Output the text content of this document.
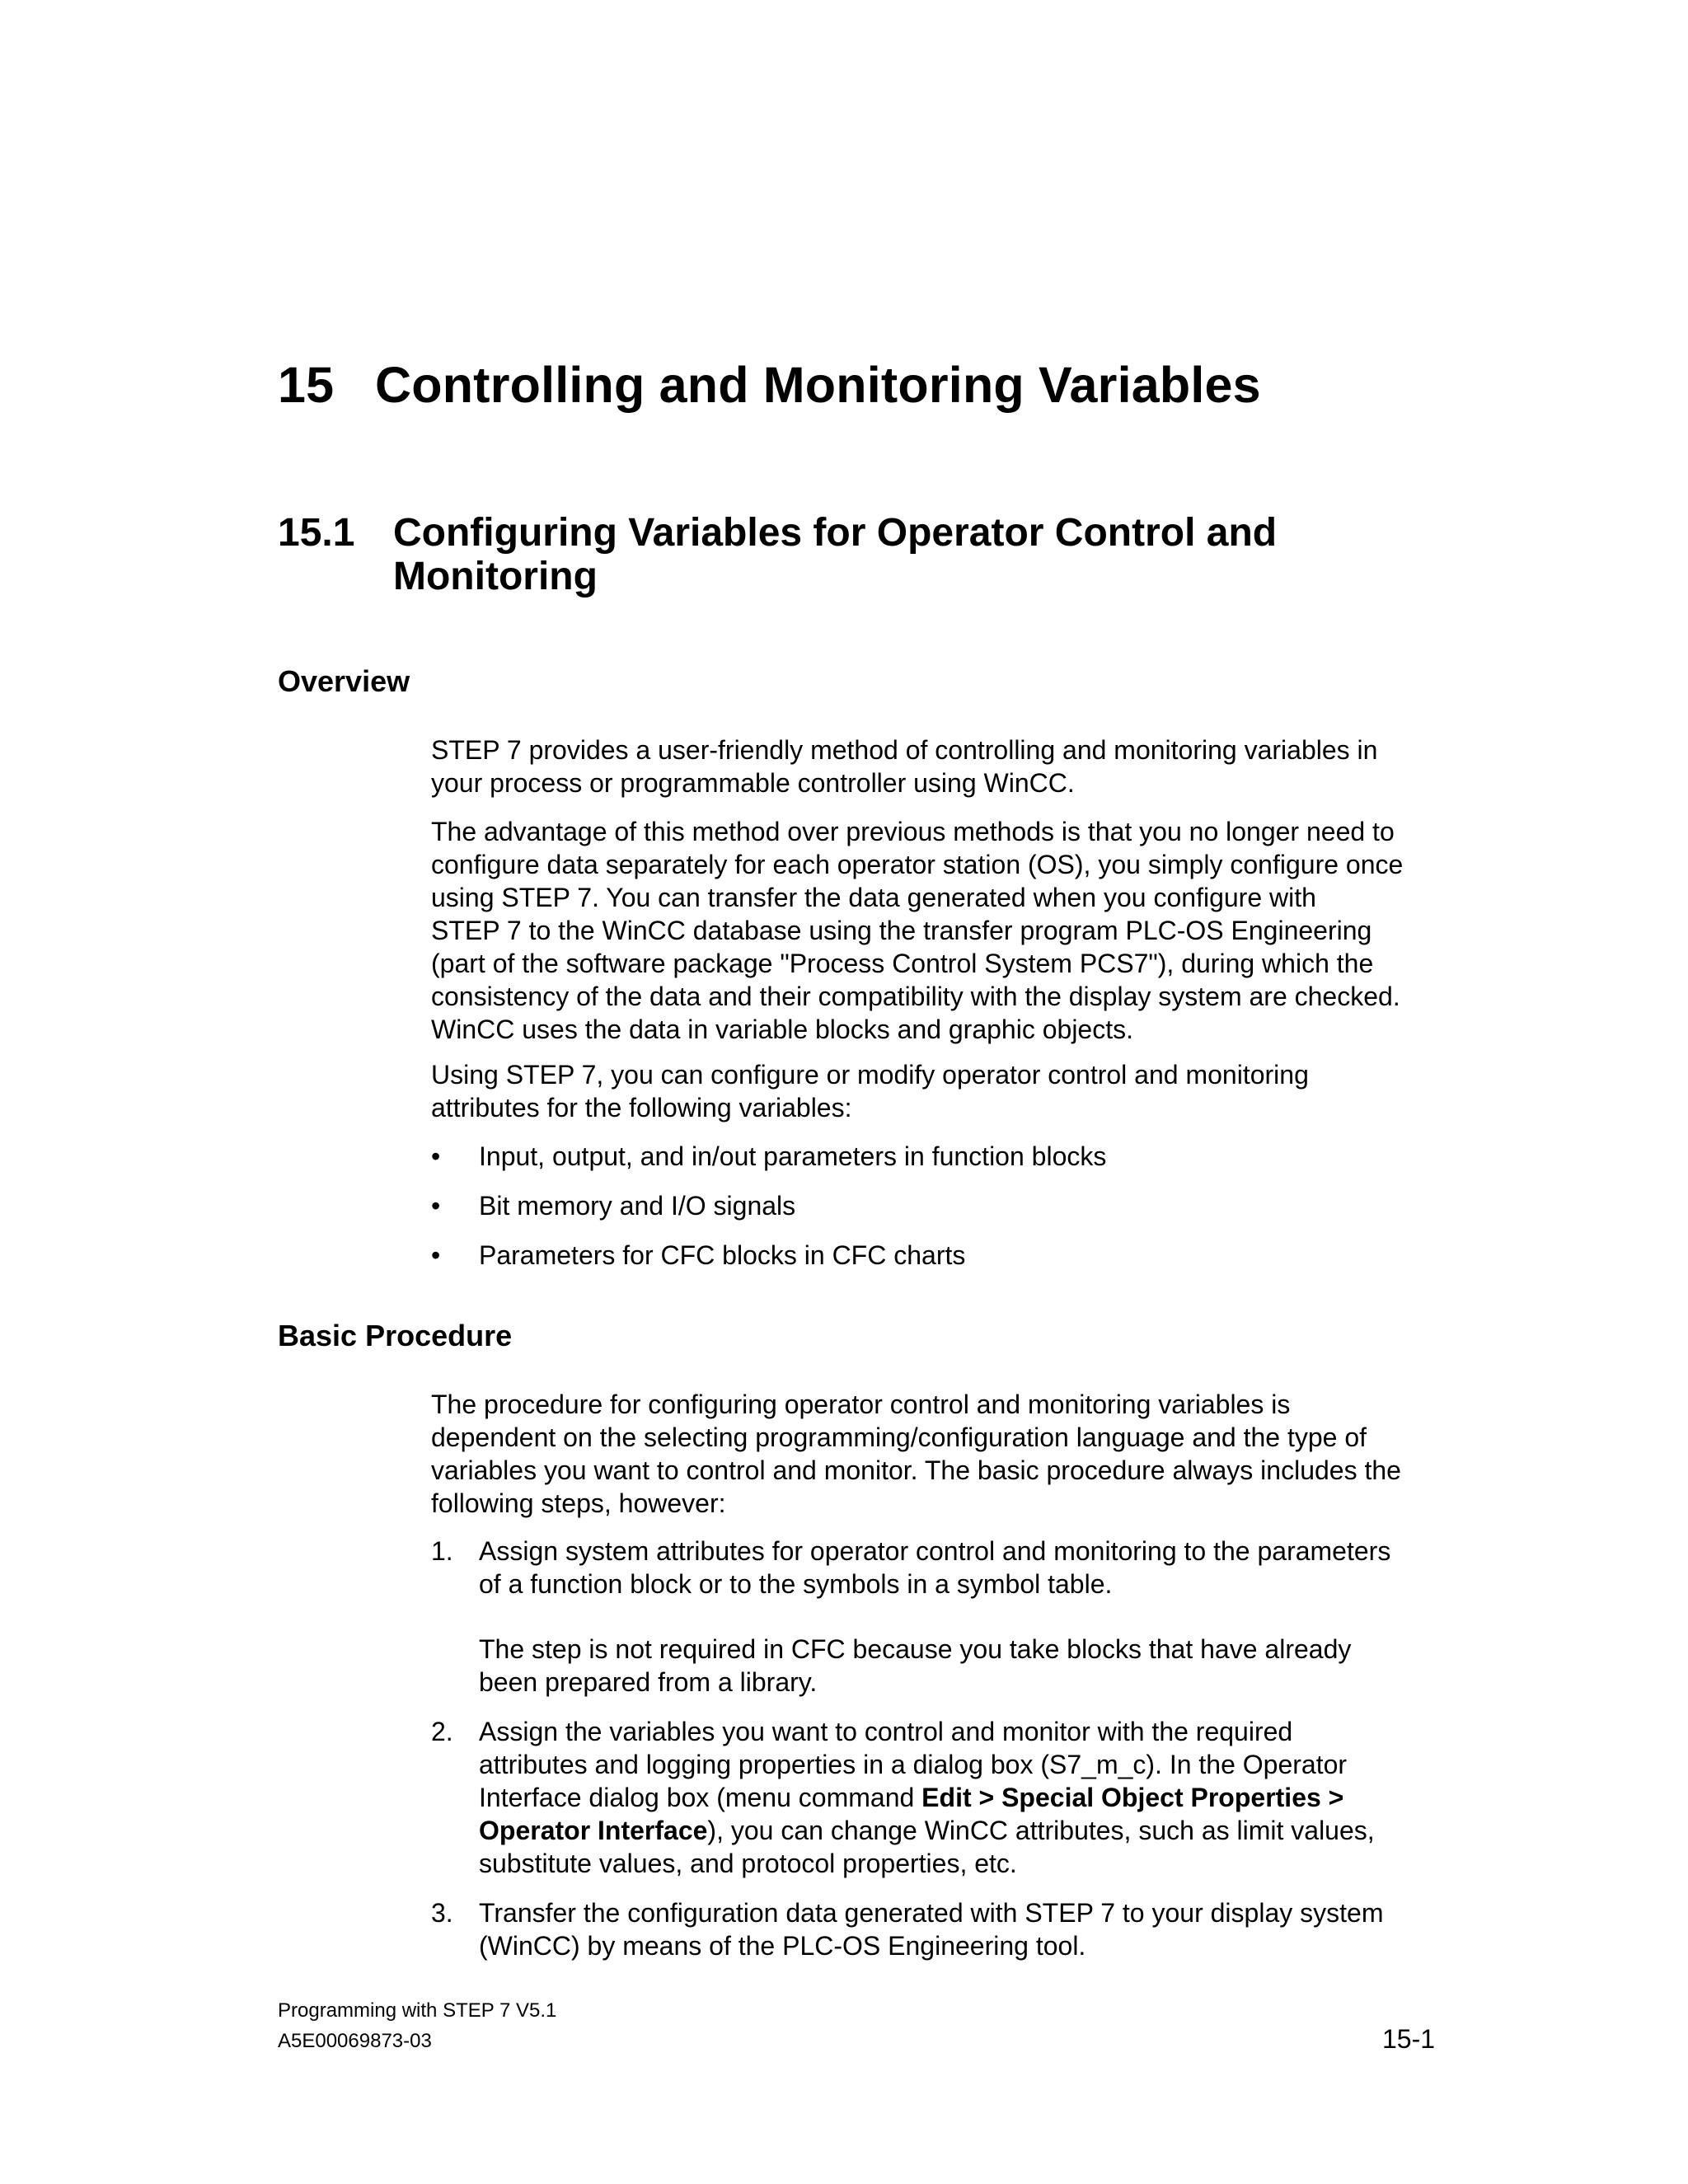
15 Controlling and Monitoring Variables
15.1 Configuring Variables for Operator Control and
Monitoring
Overview

STEP 7 provides a user-friendly method of controlling and monitoring variables in
your process or programmable controller using WinCC.

The advantage of this method over previous methods is that you no longer need to
configure data separately for each operator station (OS), you simply configure once
using STEP 7. You can transfer the data generated when you configure with
STEP 7 to the WinCC database using the transfer program PLC-OS Engineering
(part of the software package "Process Control System PCS7"), during which the
consistency of the data and their compatibility with the display system are checked.
WinCC uses the data in variable blocks and graphic objects.

Using STEP 7, you can configure or modify operator control and monitoring
attributes for the following variables:

• Input, output, and in/out parameters in function blocks
• Bit memory and I/O signals
• Parameters for CFC blocks in CFC charts
Basic Procedure

The procedure for configuring operator control and monitoring variables is
dependent on the selecting programming/configuration language and the type of
variables you want to control and monitor. The basic procedure always includes the
following steps, however:

1. Assign system attributes for operator control and monitoring to the parameters
of a function block or to the symbols in a symbol table.
The step is not required in CFC because you take blocks that have already
been prepared from a library.
2. Assign the variables you want to control and monitor with the required
attributes and logging properties in a dialog box (S7_m_c). In the Operator
Interface dialog box (menu command Edit > Special Object Properties >
Operator Interface), you can change WinCC attributes, such as limit values,
substitute values, and protocol properties, etc.
3. Transfer the configuration data generated with STEP 7 to your display system
(WinCC) by means of the PLC-OS Engineering tool.
Programming with STEP 7 V5.1
A5E00069873-03	15-1
